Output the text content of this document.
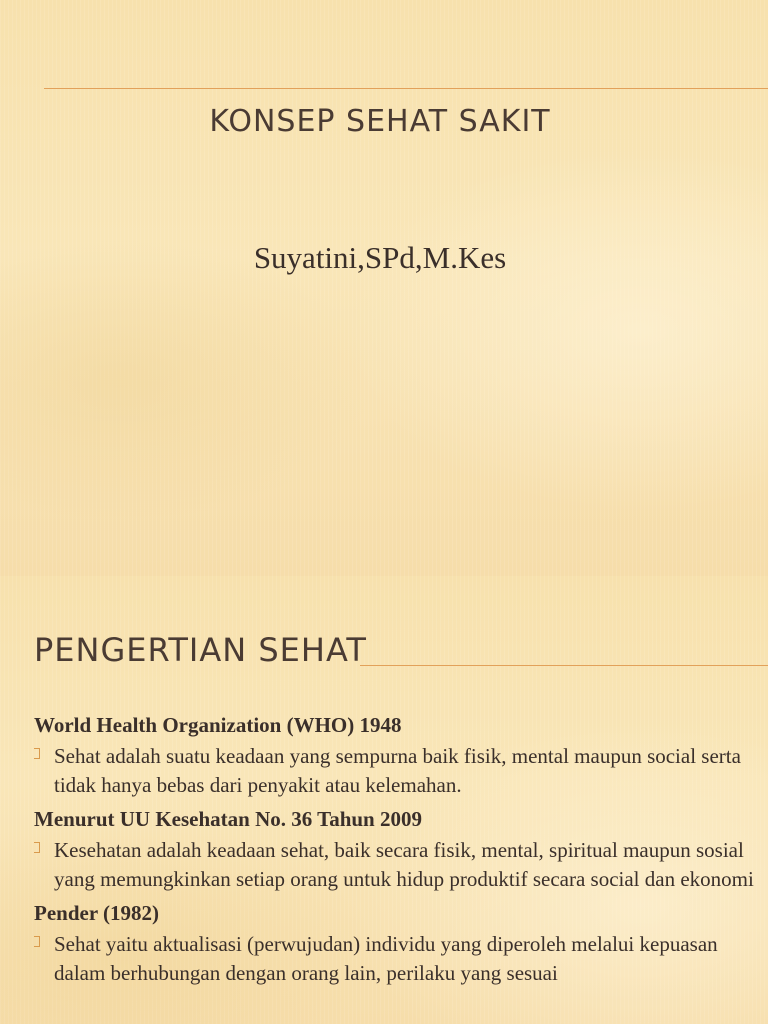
KONSEP SEHAT SAKIT
Suyatini,SPd,M.Kes
PENGERTIAN SEHAT
World Health Organization (WHO) 1948
Sehat adalah suatu keadaan yang sempurna baik fisik, mental maupun social serta tidak hanya bebas dari penyakit atau kelemahan.
Menurut UU Kesehatan No. 36 Tahun 2009
Kesehatan adalah keadaan sehat, baik secara fisik, mental, spiritual maupun sosial yang memungkinkan setiap orang untuk hidup produktif secara social dan ekonomi
Pender (1982)
Sehat yaitu aktualisasi (perwujudan) individu yang diperoleh melalui kepuasan dalam berhubungan dengan orang lain, perilaku yang sesuai
